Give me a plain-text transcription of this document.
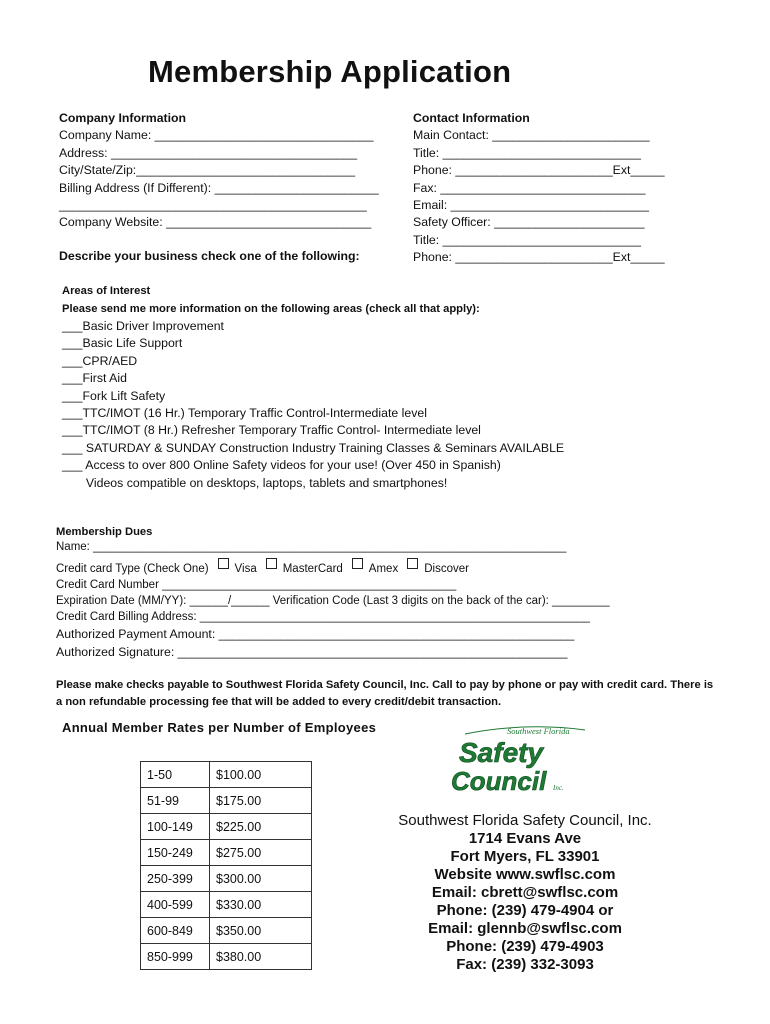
Membership Application
Company Information
Company Name: ________________________________
Address: ____________________________________
City/State/Zip:________________________________
Billing Address (If Different): ________________________
_____________________________________________
Company Website: ______________________________
Describe your business check one of the following:
Contact Information
Main Contact: _______________________
Title: _____________________________
Phone: _______________________Ext_____
Fax: ______________________________
Email: _____________________________
Safety Officer: ______________________
Title: _____________________________
Phone: _______________________Ext_____
Areas of Interest
Please send me more information on the following areas (check all that apply):
___Basic Driver Improvement
___Basic Life Support
___CPR/AED
___First Aid
___Fork Lift Safety
___TTC/IMOT (16 Hr.) Temporary Traffic Control-Intermediate level
___TTC/IMOT (8 Hr.) Refresher Temporary Traffic Control- Intermediate level
___ SATURDAY & SUNDAY Construction Industry Training Classes & Seminars AVAILABLE
___ Access to over 800 Online Safety videos for your use! (Over 450 in Spanish)
Videos compatible on desktops, laptops, tablets and smartphones!
Membership Dues
Name: __________________________________________________________________________
Credit card Type (Check One) Visa MasterCard Amex Discover
Credit Card Number ______________________________________________
Expiration Date (MM/YY): ______/______ Verification Code (Last 3 digits on the back of the car): _________
Credit Card Billing Address: _____________________________________________________________
Authorized Payment Amount: ____________________________________________________
Authorized Signature: _________________________________________________________
Please make checks payable to Southwest Florida Safety Council, Inc. Call to pay by phone or pay with credit card. There is a non refundable processing fee that will be added to every credit/debit transaction.
Annual Member Rates per Number of Employees
1-50	$100.00
51-99	$175.00
100-149	$225.00
150-249	$275.00
250-399	$300.00
400-599	$330.00
600-849	$350.00
850-999	$380.00
Southwest Florida
Safety
Council Inc.
Southwest Florida Safety Council, Inc.
1714 Evans Ave
Fort Myers, FL 33901
Website www.swflsc.com
Email: cbrett@swflsc.com
Phone: (239) 479-4904 or
Email: glennb@swflsc.com
Phone: (239) 479-4903
Fax: (239) 332-3093
